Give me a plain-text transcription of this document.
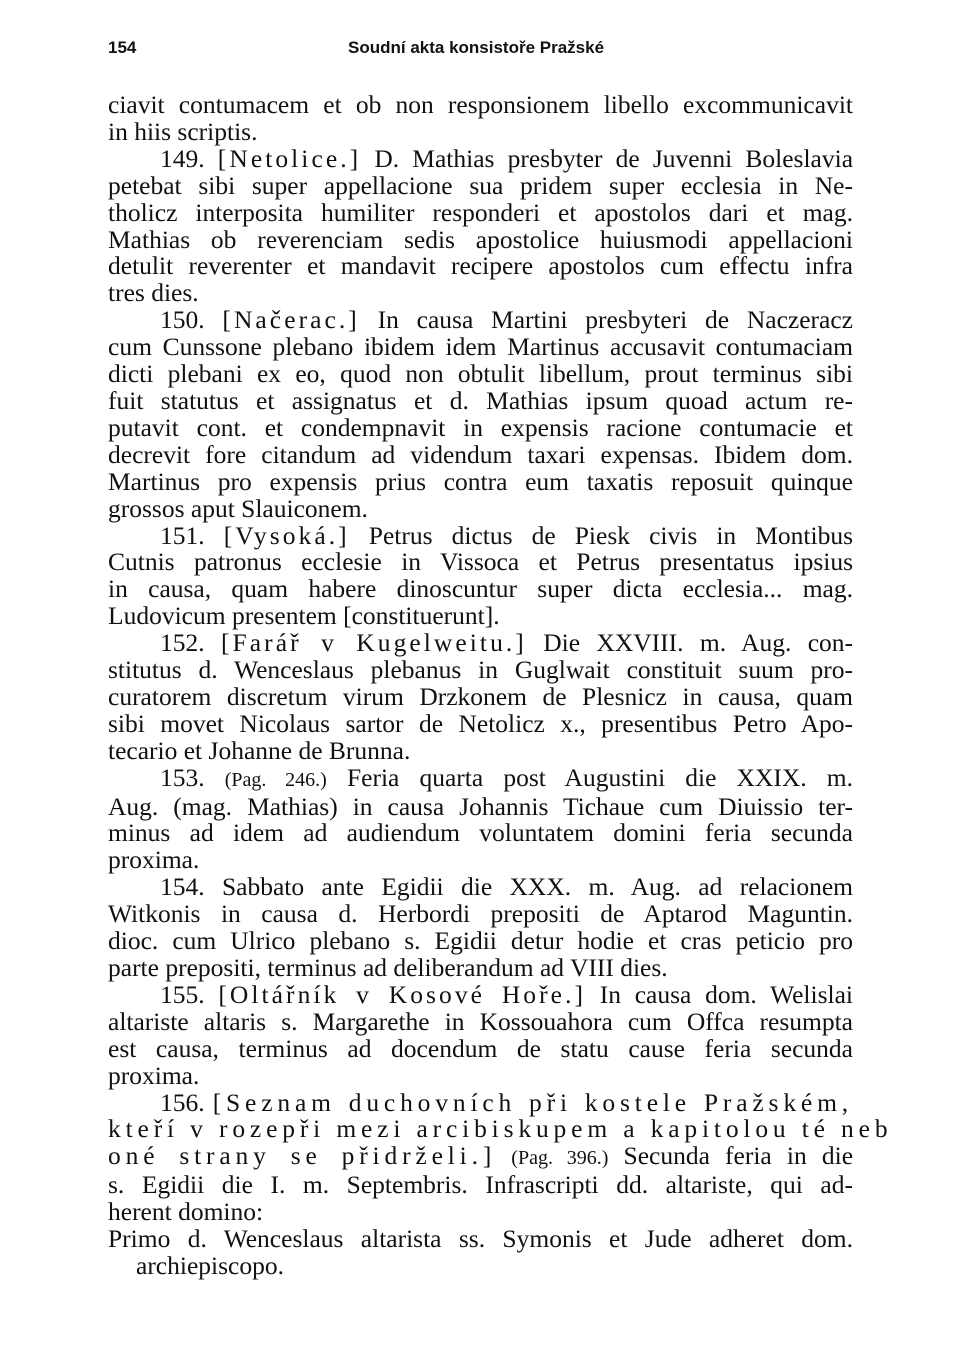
154	Soudní akta konsistoře Pražské

ciavit contumacem et ob non responsionem libello excommunicavit
in hiis scriptis.

149. [Netolice.] D. Mathias presbyter de Juvenni Boleslavia
petebat sibi super appellacione sua pridem super ecclesia in Ne-
tholicz interposita humiliter responderi et apostolos dari et mag.
Mathias ob reverenciam sedis apostolice huiusmodi appellacioni
detulit reverenter et mandavit recipere apostolos cum effectu infra
tres dies.

150. [Načerac.] In causa Martini presbyteri de Naczeracz
cum Cunssone plebano ibidem idem Martinus accusavit contumaciam
dicti plebani ex eo, quod non obtulit libellum, prout terminus sibi
fuit statutus et assignatus et d. Mathias ipsum quoad actum re-
putavit cont. et condempnavit in expensis racione contumacie et
decrevit fore citandum ad videndum taxari expensas. Ibidem dom.
Martinus pro expensis prius contra eum taxatis reposuit quinque
grossos aput Slauiconem.

151. [Vysoká.] Petrus dictus de Piesk civis in Montibus
Cutnis patronus ecclesie in Vissoca et Petrus presentatus ipsius
in causa, quam habere dinoscuntur super dicta ecclesia... mag.
Ludovicum presentem [constituerunt].

152. [Farář v Kugelweitu.] Die XXVIII. m. Aug. con-
stitutus d. Wenceslaus plebanus in Guglwait constituit suum pro-
curatorem discretum virum Drzkonem de Plesnicz in causa, quam
sibi movet Nicolaus sartor de Netolicz x., presentibus Petro Apo-
tecario et Johanne de Brunna.

153. (Pag. 246.) Feria quarta post Augustini die XXIX. m.
Aug. (mag. Mathias) in causa Johannis Tichaue cum Diuissio ter-
minus ad idem ad audiendum voluntatem domini feria secunda
proxima.

154. Sabbato ante Egidii die XXX. m. Aug. ad relacionem
Witkonis in causa d. Herbordi prepositi de Aptarod Maguntin.
dioc. cum Ulrico plebano s. Egidii detur hodie et cras peticio pro
parte prepositi, terminus ad deliberandum ad VIII dies.

155. [Oltářník v Kosové Hoře.] In causa dom. Welislai
altariste altaris s. Margarethe in Kossouahora cum Offca resumpta
est causa, terminus ad docendum de statu cause feria secunda
proxima.

156. [Seznam duchovních při kostele Pražském,
kteří v rozepři mezi arcibiskupem a kapitolou té neb
oné strany se přidrželi.] (Pag. 396.) Secunda feria in die
s. Egidii die I. m. Septembris. Infrascripti dd. altariste, qui ad-
herent domino:

Primo d. Wenceslaus altarista ss. Symonis et Jude adheret dom.
archiepiscopo.
